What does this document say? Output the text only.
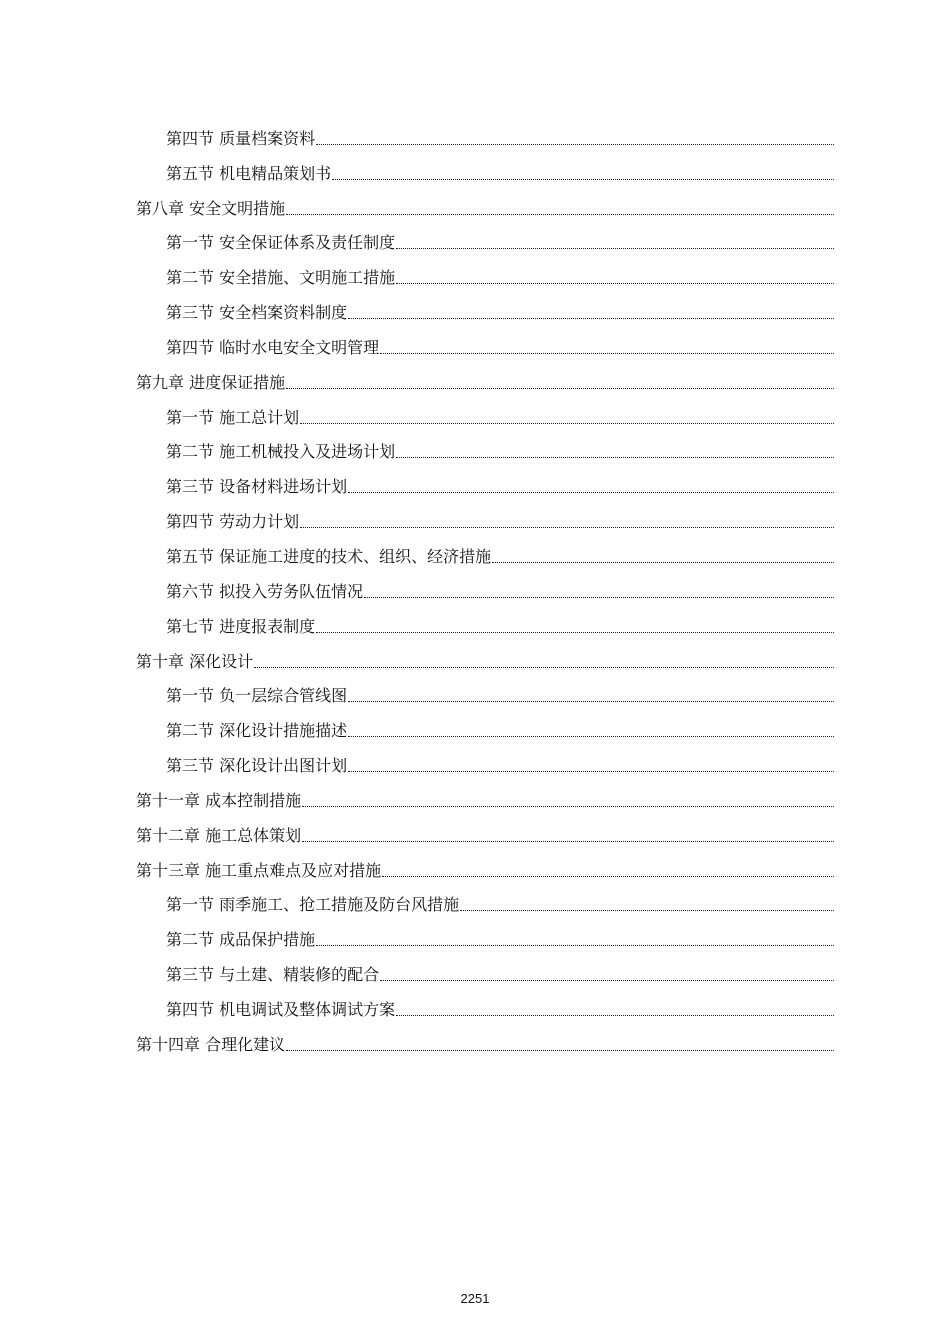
第四节 质量档案资料
第五节 机电精品策划书
第八章 安全文明措施
第一节 安全保证体系及责任制度
第二节 安全措施、文明施工措施
第三节 安全档案资料制度
第四节 临时水电安全文明管理
第九章 进度保证措施
第一节 施工总计划
第二节 施工机械投入及进场计划
第三节 设备材料进场计划
第四节 劳动力计划
第五节 保证施工进度的技术、组织、经济措施
第六节 拟投入劳务队伍情况
第七节 进度报表制度
第十章 深化设计
第一节 负一层综合管线图
第二节 深化设计措施描述
第三节 深化设计出图计划
第十一章 成本控制措施
第十二章 施工总体策划
第十三章 施工重点难点及应对措施
第一节 雨季施工、抢工措施及防台风措施
第二节 成品保护措施
第三节 与土建、精装修的配合
第四节 机电调试及整体调试方案
第十四章 合理化建议
2251
